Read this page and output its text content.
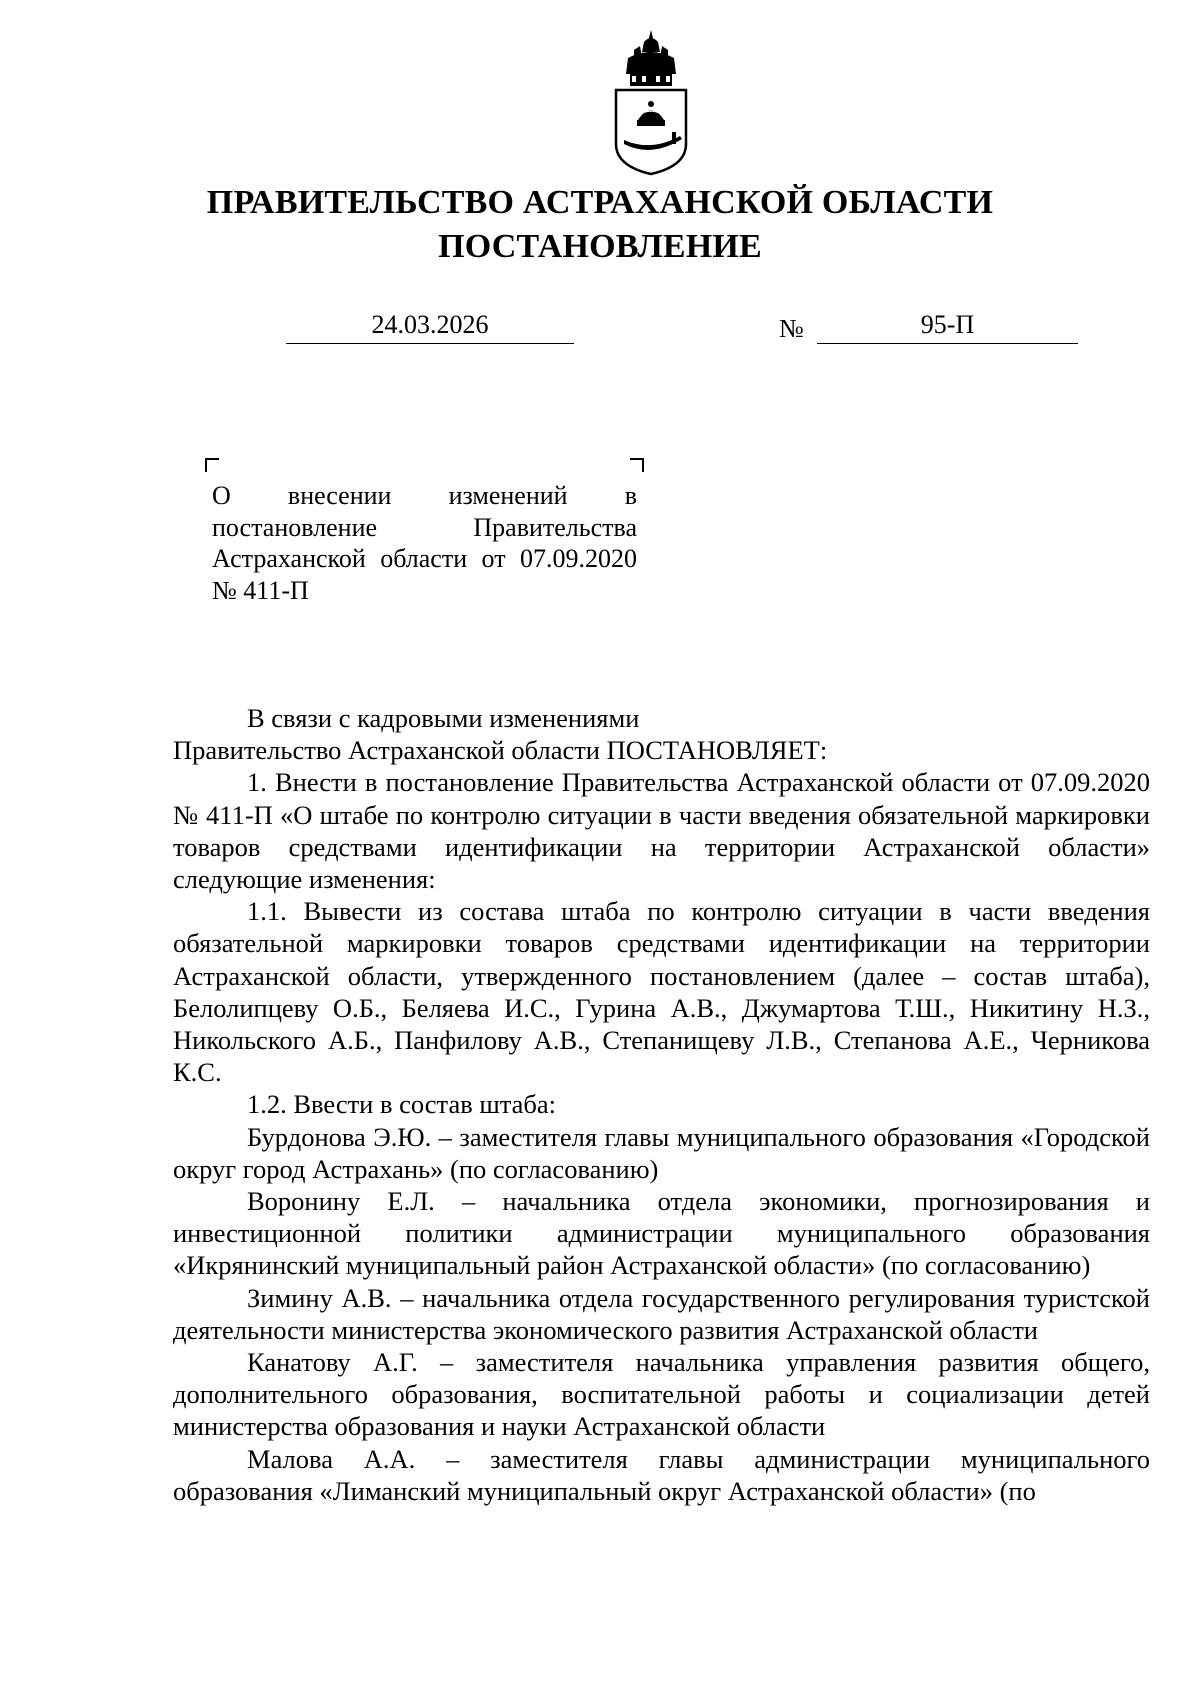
ПРАВИТЕЛЬСТВО АСТРАХАНСКОЙ ОБЛАСТИ
ПОСТАНОВЛЕНИЕ
24.03.2026	№	95-П

О внесении изменений в постановление Правительства Астраханской области от 07.09.2020 № 411-П

В связи с кадровыми изменениями

Правительство Астраханской области ПОСТАНОВЛЯЕТ:

1. Внести в постановление Правительства Астраханской области от 07.09.2020 № 411-П «О штабе по контролю ситуации в части введения обязательной маркировки товаров средствами идентификации на территории Астраханской области» следующие изменения:

1.1. Вывести из состава штаба по контролю ситуации в части введения обязательной маркировки товаров средствами идентификации на территории Астраханской области, утвержденного постановлением (далее – состав штаба), Белолипцеву О.Б., Беляева И.С., Гурина А.В., Джумартова Т.Ш., Никитину Н.З., Никольского А.Б., Панфилову А.В., Степанищеву Л.В., Степанова А.Е., Черникова К.С.

1.2. Ввести в состав штаба:

Бурдонова Э.Ю. – заместителя главы муниципального образования «Городской округ город Астрахань» (по согласованию)

Воронину Е.Л. – начальника отдела экономики, прогнозирования и инвестиционной политики администрации муниципального образования «Икрянинский муниципальный район Астраханской области» (по согласованию)

Зимину А.В. – начальника отдела государственного регулирования туристской деятельности министерства экономического развития Астраханской области

Канатову А.Г. – заместителя начальника управления развития общего, дополнительного образования, воспитательной работы и социализации детей министерства образования и науки Астраханской области

Малова А.А. – заместителя главы администрации муниципального образования «Лиманский муниципальный округ Астраханской области» (по
